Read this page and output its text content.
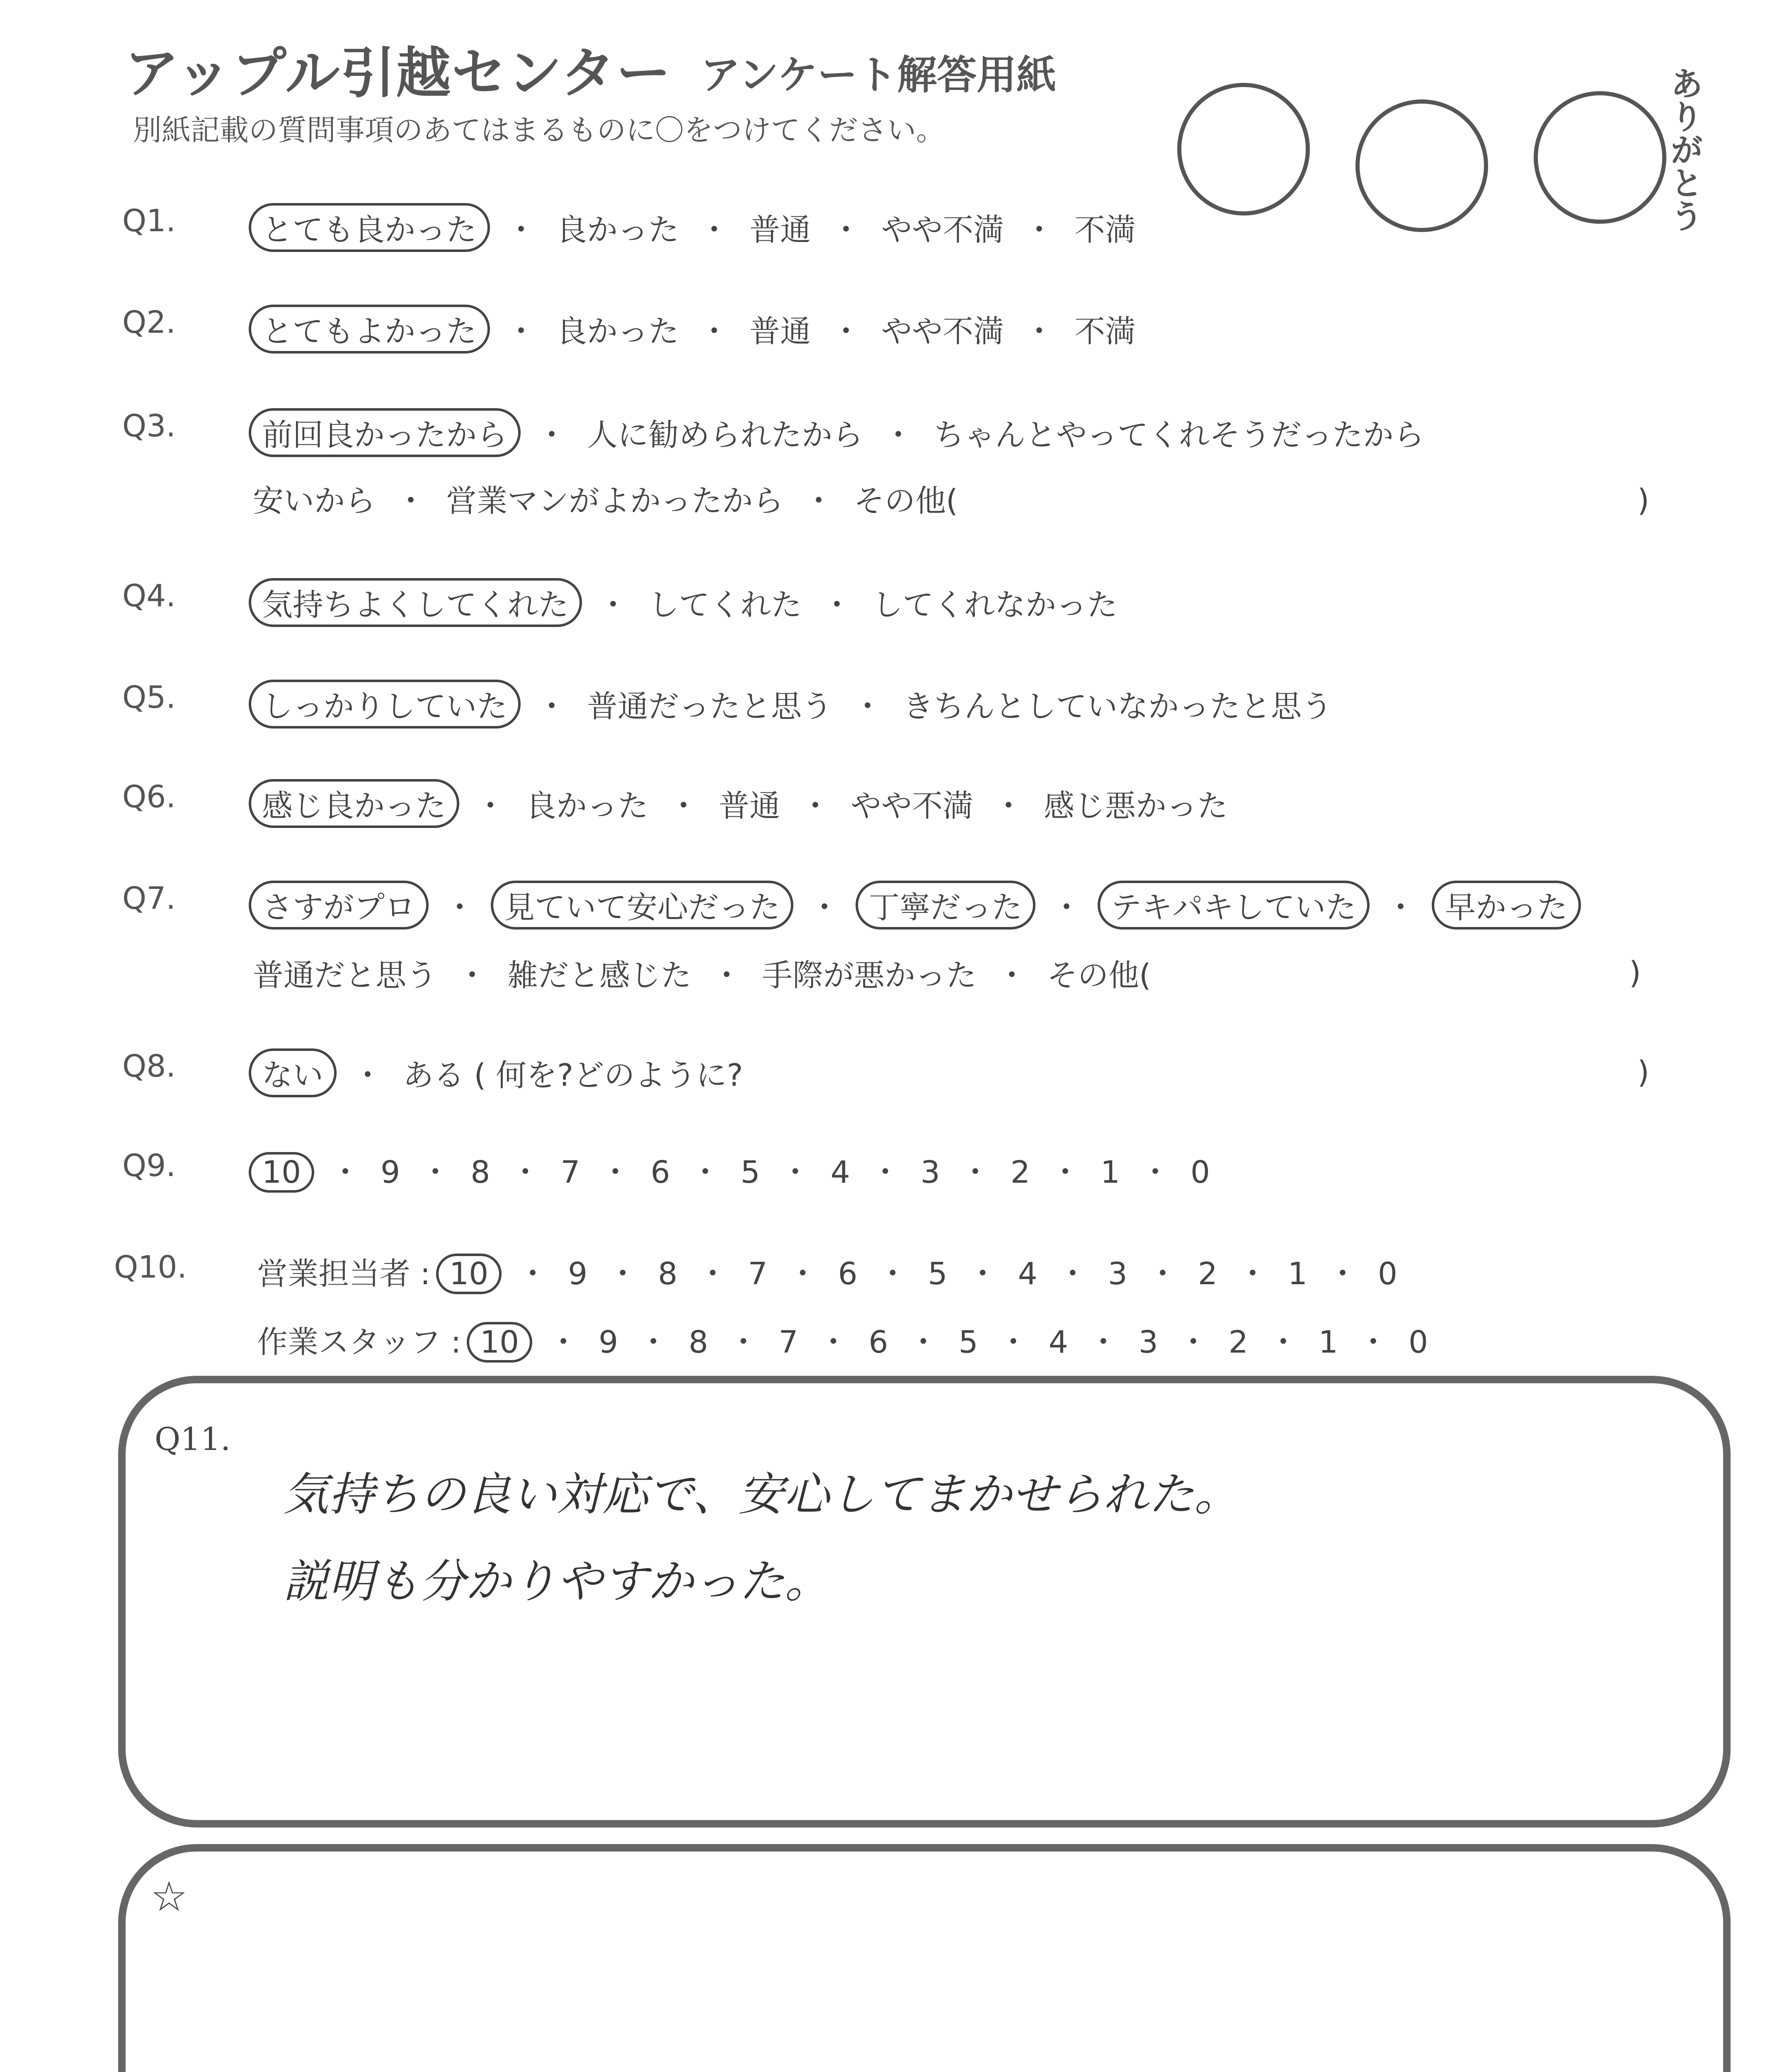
アップル引越センター アンケート解答用紙
別紙記載の質問事項のあてはまるものに〇をつけてください。	ありがとう
Q1.	とても良かった ・ 良かった ・ 普通 ・ やや不満 ・ 不満
Q2.	とてもよかった ・ 良かった ・ 普通 ・ やや不満 ・ 不満
Q3.	前回良かったから ・ 人に勧められたから ・ ちゃんとやってくれそうだったから
安いから ・ 営業マンがよかったから ・ その他(	)
Q4.	気持ちよくしてくれた ・ してくれた ・ してくれなかった
Q5.	しっかりしていた ・ 普通だったと思う ・ きちんとしていなかったと思う
Q6.	感じ良かった ・ 良かった ・ 普通 ・ やや不満 ・ 感じ悪かった
Q7.	さすがプロ ・ 見ていて安心だった ・ 丁寧だった ・ テキパキしていた ・ 早かった
普通だと思う ・ 雑だと感じた ・ 手際が悪かった ・ その他(	)
Q8.	ない ・ ある ( 何を?どのように?	)
Q9.	10 ・ 9 ・ 8 ・ 7 ・ 6 ・ 5 ・ 4 ・ 3 ・ 2 ・ 1 ・ 0
Q10. 営業担当者 : 10 ・ 9 ・ 8 ・ 7 ・ 6 ・ 5 ・ 4 ・ 3 ・ 2 ・ 1 ・ 0
作業スタッフ : 10 ・ 9 ・ 8 ・ 7 ・ 6 ・ 5 ・ 4 ・ 3 ・ 2 ・ 1 ・ 0
Q11.
気持ちの良い対応で、安心してまかせられた。
説明も分かりやすかった。
☆
